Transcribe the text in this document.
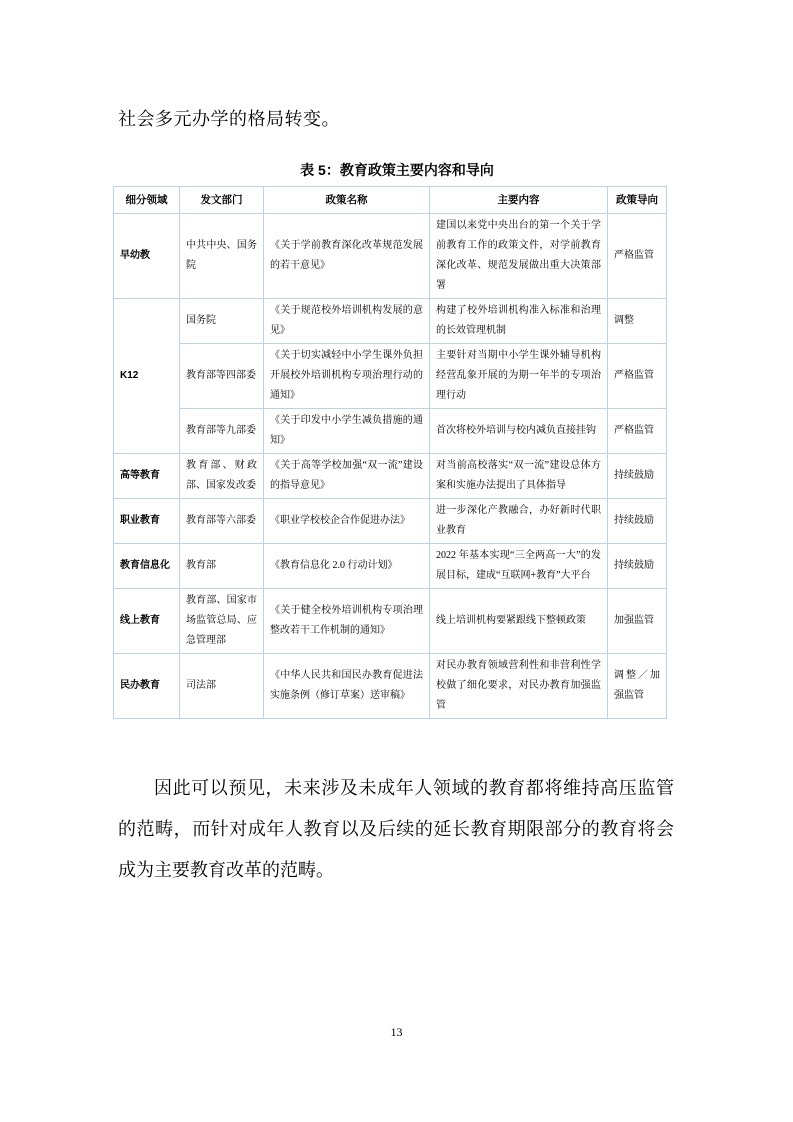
社会多元办学的格局转变。

表 5：教育政策主要内容和导向
细分领域	发文部门	政策名称	主要内容	政策导向
早幼教	中共中央、国务院	《关于学前教育深化改革规范发展的若干意见》	建国以来党中央出台的第一个关于学前教育工作的政策文件，对学前教育深化改革、规范发展做出重大决策部署	严格监管
K12	国务院	《关于规范校外培训机构发展的意见》	构建了校外培训机构准入标准和治理的长效管理机制	调整
	教育部等四部委	《关于切实减轻中小学生课外负担开展校外培训机构专项治理行动的通知》	主要针对当期中小学生课外辅导机构经营乱象开展的为期一年半的专项治理行动	严格监管
	教育部等九部委	《关于印发中小学生减负措施的通知》	首次将校外培训与校内减负直接挂钩	严格监管
高等教育	教育部、财政部、国家发改委	《关于高等学校加强“双一流”建设的指导意见》	对当前高校落实“双一流”建设总体方案和实施办法提出了具体指导	持续鼓励
职业教育	教育部等六部委	《职业学校校企合作促进办法》	进一步深化产教融合，办好新时代职业教育	持续鼓励
教育信息化	教育部	《教育信息化 2.0 行动计划》	2022 年基本实现“三全两高一大”的发展目标，建成“互联网+教育”大平台	持续鼓励
线上教育	教育部、国家市场监管总局、应急管理部	《关于健全校外培训机构专项治理整改若干工作机制的通知》	线上培训机构要紧跟线下整顿政策	加强监管
民办教育	司法部	《中华人民共和国民办教育促进法实施条例（修订草案）送审稿》	对民办教育领域营利性和非营利性学校做了细化要求，对民办教育加强监管	调整／加强监管

因此可以预见，未来涉及未成年人领域的教育都将维持高压监管的范畴，而针对成年人教育以及后续的延长教育期限部分的教育将会成为主要教育改革的范畴。

13
